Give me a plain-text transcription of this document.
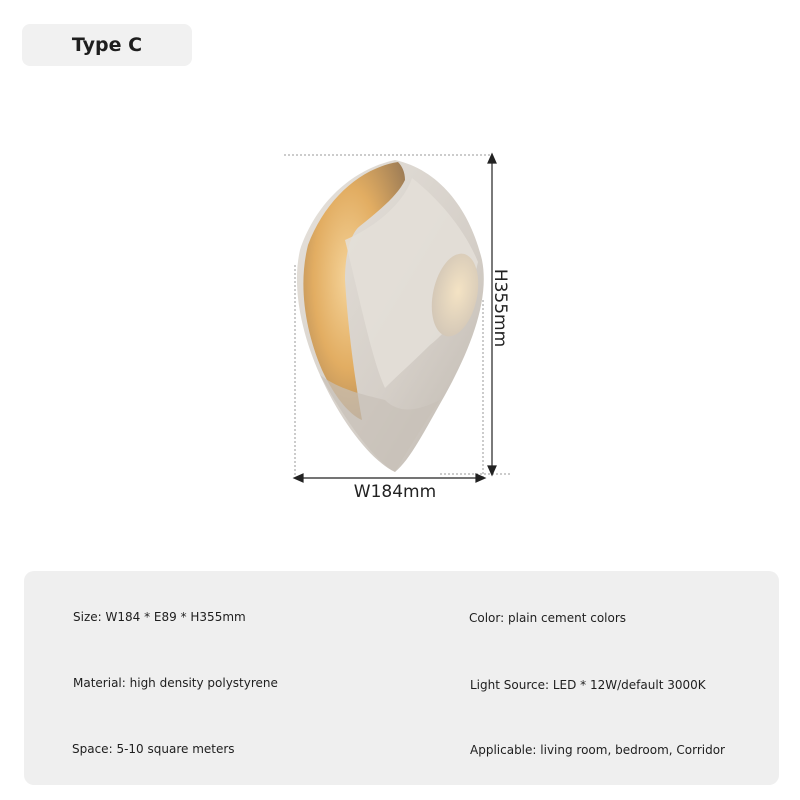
Type C
W184mm
H355mm
Size: W184 * E89 * H355mm	Color: plain cement colors
Material: high density polystyrene	Light Source: LED * 12W/default 3000K
Space: 5-10 square meters	Applicable: living room, bedroom, Corridor
